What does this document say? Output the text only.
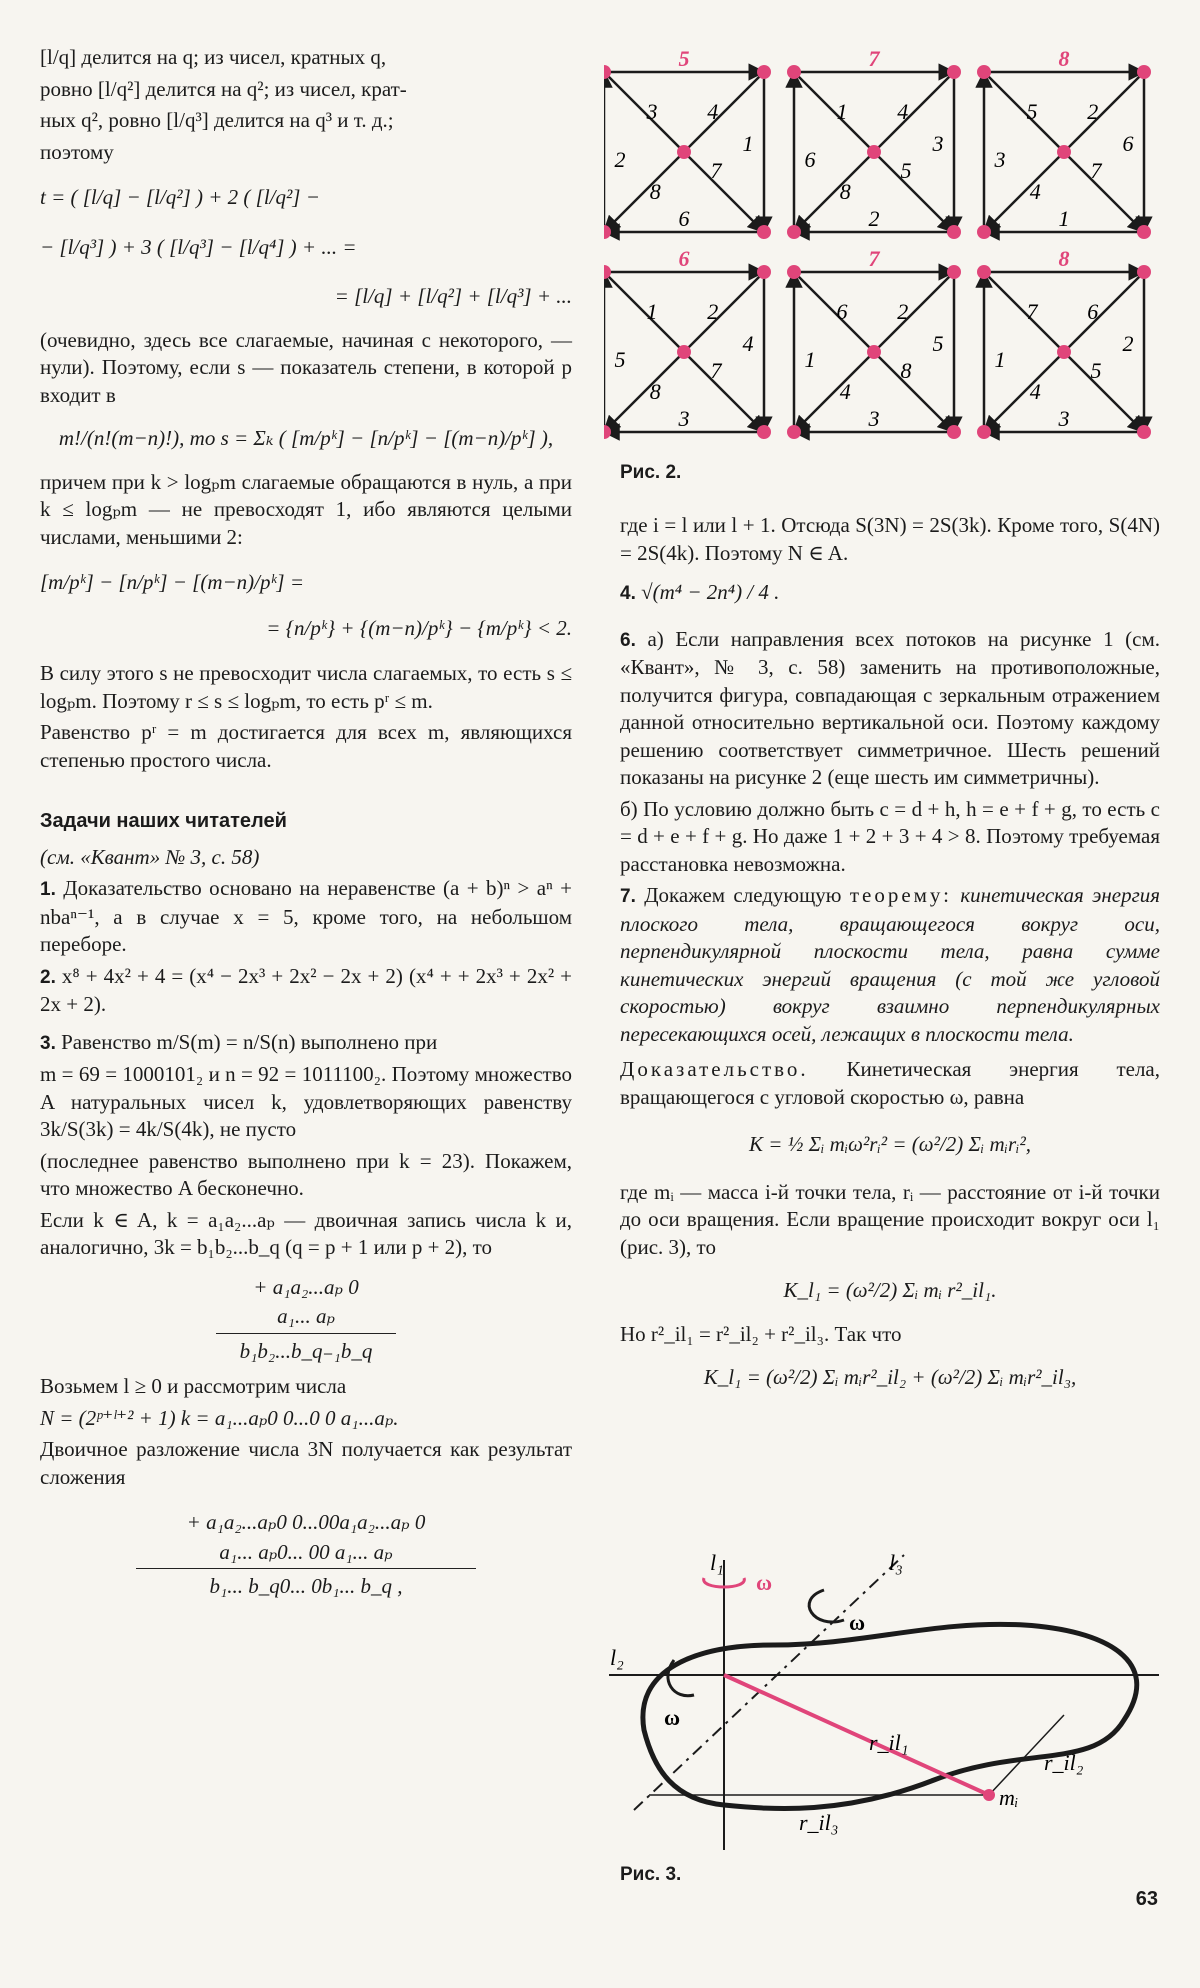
[l/q] делится на q; из чисел, кратных q,

ровно [l/q²] делится на q²; из чисел, крат-

ных q², ровно [l/q³] делится на q³ и т. д.;

поэтому

t = ( [l/q] − [l/q²] ) + 2 ( [l/q²] −
− [l/q³] ) + 3 ( [l/q³] − [l/q⁴] ) + ... =
= [l/q] + [l/q²] + [l/q³] + ...

(очевидно, здесь все слагаемые, начиная с некоторого, — нули). Поэтому, если s — показатель степени, в которой p входит в

m!/(n!(m−n)!), то s = Σₖ ( [m/pᵏ] − [n/pᵏ] − [(m−n)/pᵏ] ),

причем при k > logₚm слагаемые обращаются в нуль, а при k ≤ logₚm — не превосходят 1, ибо являются целыми числами, меньшими 2:

[m/pᵏ] − [n/pᵏ] − [(m−n)/pᵏ] =
= {n/pᵏ} + {(m−n)/pᵏ} − {m/pᵏ} < 2.

В силу этого s не превосходит числа слагаемых, то есть s ≤ logₚm. Поэтому r ≤ s ≤ logₚm, то есть pʳ ≤ m.

Равенство pʳ = m достигается для всех m, являющихся степенью простого числа.

Задачи наших читателей

(см. «Квант» № 3, с. 58)

1. Доказательство основано на неравенстве (a + b)ⁿ > aⁿ + nbaⁿ⁻¹, а в случае x = 5, кроме того, на небольшом переборе.

2. x⁸ + 4x² + 4 = (x⁴ − 2x³ + 2x² − 2x + 2) (x⁴ + + 2x³ + 2x² + 2x + 2).

3. Равенство m/S(m) = n/S(n) выполнено при

m = 69 = 1000101₂ и n = 92 = 1011100₂. Поэтому множество A натуральных чисел k, удовлетворяющих равенству 3k/S(3k) = 4k/S(4k), не пусто

(последнее равенство выполнено при k = 23). Покажем, что множество A бесконечно.

Если k ∈ A, k = a₁a₂...aₚ — двоичная запись числа k и, аналогично, 3k = b₁b₂...b_q (q = p + 1 или p + 2), то

+ a₁a₂...aₚ 0
a₁... aₚ
b₁b₂...b_q₋₁b_q

Возьмем l ≥ 0 и рассмотрим числа

N = (2ᵖ⁺ˡ⁺² + 1) k = a₁...aₚ0 0...0 0 a₁...aₚ.

Двоичное разложение числа 3N получается как результат сложения

+ a₁a₂...aₚ0 0...00a₁a₂...aₚ 0
a₁... aₚ0... 00 a₁... aₚ
b₁... b_q0... 0b₁... b_q ,
5
3 4
2
1
8
7
6
7
1 4
6
3
8
5
2
8
5 2
3
6
4
7
1
6
1 2
5
4
8
7
3
7
6 2
1
5
4
8
3
8
7 6
1
2
4
5
3
Рис. 2.

где i = l или l + 1. Отсюда S(3N) = 2S(3k). Кроме того, S(4N) = 2S(4k). Поэтому N ∈ A.

4. √(m⁴ − 2n⁴) / 4 .

6. а) Если направления всех потоков на рисунке 1 (см. «Квант», № 3, с. 58) заменить на противоположные, получится фигура, совпадающая с зеркальным отражением данной относительно вертикальной оси. Поэтому каждому решению соответствует симметричное. Шесть решений показаны на рисунке 2 (еще шесть им симметричны).

б) По условию должно быть c = d + h, h = e + f + g, то есть c = d + e + f + g. Но даже 1 + 2 + 3 + 4 > 8. Поэтому требуемая расстановка невозможна.

7. Докажем следующую теорему: кинетическая энергия плоского тела, вращающегося вокруг оси, перпендикулярной плоскости тела, равна сумме кинетических энергий вращения (с той же угловой скоростью) вокруг взаимно перпендикулярных пересекающихся осей, лежащих в плоскости тела.

Доказательство. Кинетическая энергия тела, вращающегося с угловой скоростью ω, равна

K = ½ Σᵢ mᵢω²rᵢ² = (ω²/2) Σᵢ mᵢrᵢ²,

где mᵢ — масса i-й точки тела, rᵢ — расстояние от i-й точки до оси вращения. Если вращение происходит вокруг оси l₁ (рис. 3), то

K_l₁ = (ω²/2) Σᵢ mᵢ r²_il₁.

Но r²_il₁ = r²_il₂ + r²_il₃. Так что

K_l₁ = (ω²/2) Σᵢ mᵢr²_il₂ + (ω²/2) Σᵢ mᵢr²_il₃,
l₁
l₂
l₃
ω
ω
ω
r_il₁
r_il₂
r_il₃
mᵢ
Рис. 3.
63
